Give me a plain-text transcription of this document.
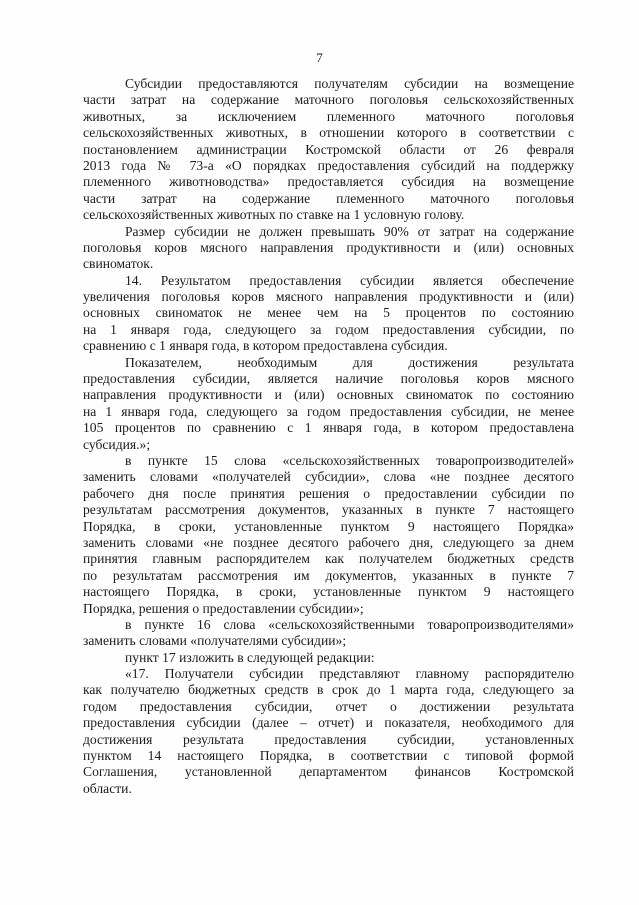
7
Субсидии предоставляются получателям субсидии на возмещение
части затрат на содержание маточного поголовья сельскохозяйственных
животных, за исключением племенного маточного поголовья
сельскохозяйственных животных, в отношении которого в соответствии с
постановлением администрации Костромской области от 26 февраля
2013 года № 73-а «О порядках предоставления субсидий на поддержку
племенного животноводства» предоставляется субсидия на возмещение
части затрат на содержание племенного маточного поголовья
сельскохозяйственных животных по ставке на 1 условную голову.
Размер субсидии не должен превышать 90% от затрат на содержание
поголовья коров мясного направления продуктивности и (или) основных
свиноматок.
14. Результатом предоставления субсидии является обеспечение
увеличения поголовья коров мясного направления продуктивности и (или)
основных свиноматок не менее чем на 5 процентов по состоянию
на 1 января года, следующего за годом предоставления субсидии, по
сравнению с 1 января года, в котором предоставлена субсидия.
Показателем, необходимым для достижения результата
предоставления субсидии, является наличие поголовья коров мясного
направления продуктивности и (или) основных свиноматок по состоянию
на 1 января года, следующего за годом предоставления субсидии, не менее
105 процентов по сравнению с 1 января года, в котором предоставлена
субсидия.»;
в пункте 15 слова «сельскохозяйственных товаропроизводителей»
заменить словами «получателей субсидии», слова «не позднее десятого
рабочего дня после принятия решения о предоставлении субсидии по
результатам рассмотрения документов, указанных в пункте 7 настоящего
Порядка, в сроки, установленные пунктом 9 настоящего Порядка»
заменить словами «не позднее десятого рабочего дня, следующего за днем
принятия главным распорядителем как получателем бюджетных средств
по результатам рассмотрения им документов, указанных в пункте 7
настоящего Порядка, в сроки, установленные пунктом 9 настоящего
Порядка, решения о предоставлении субсидии»;
в пункте 16 слова «сельскохозяйственными товаропроизводителями»
заменить словами «получателями субсидии»;
пункт 17 изложить в следующей редакции:
«17. Получатели субсидии представляют главному распорядителю
как получателю бюджетных средств в срок до 1 марта года, следующего за
годом предоставления субсидии, отчет о достижении результата
предоставления субсидии (далее – отчет) и показателя, необходимого для
достижения результата предоставления субсидии, установленных
пунктом 14 настоящего Порядка, в соответствии с типовой формой
Соглашения, установленной департаментом финансов Костромской
области.
